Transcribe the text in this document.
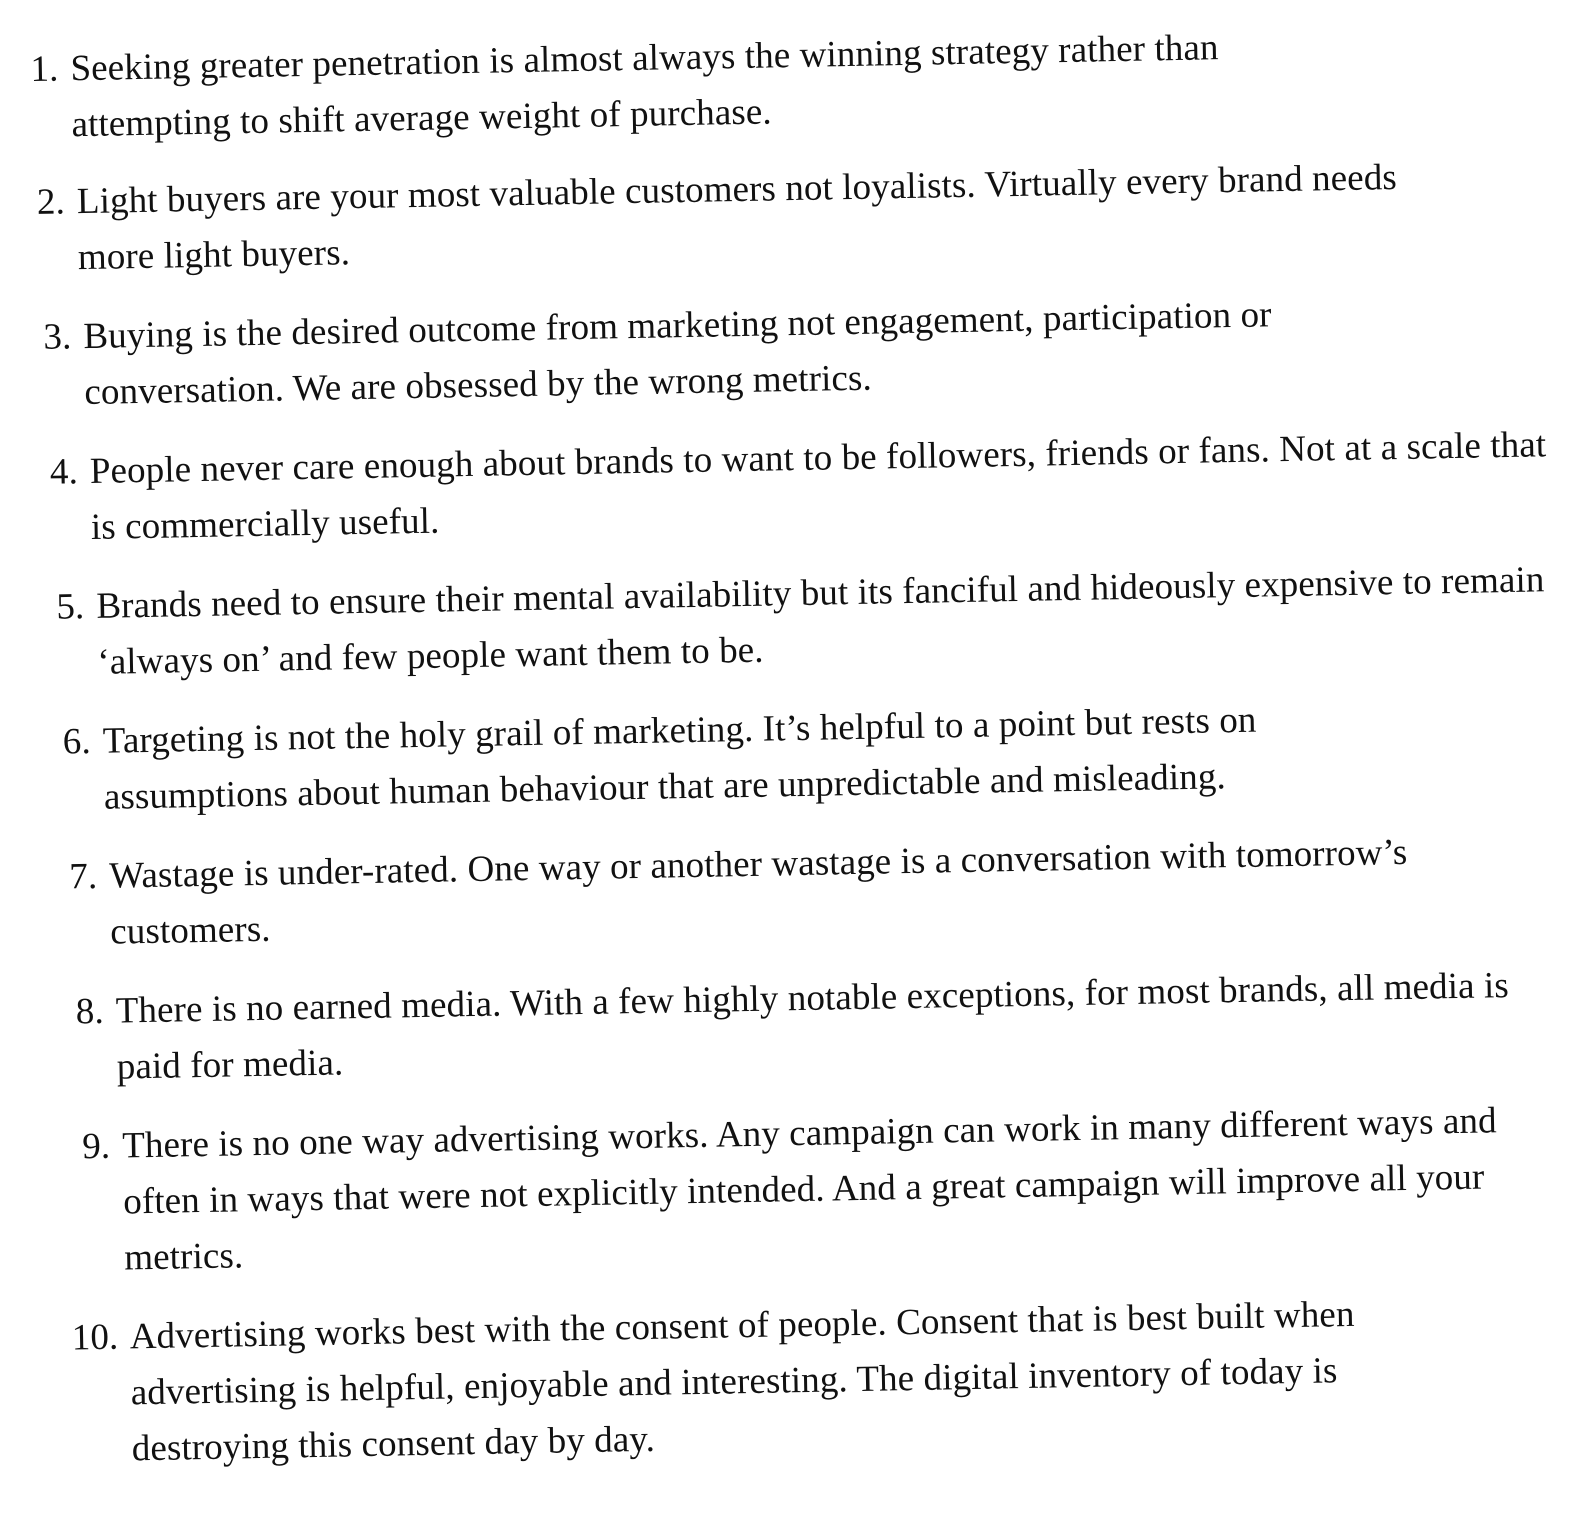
1. Seeking greater penetration is almost always the winning strategy rather than attempting to shift average weight of purchase.
2. Light buyers are your most valuable customers not loyalists. Virtually every brand needs more light buyers.
3. Buying is the desired outcome from marketing not engagement, participation or conversation. We are obsessed by the wrong metrics.
4. People never care enough about brands to want to be followers, friends or fans. Not at a scale that is commercially useful.
5. Brands need to ensure their mental availability but its fanciful and hideously expensive to remain ‘always on’ and few people want them to be.
6. Targeting is not the holy grail of marketing. It’s helpful to a point but rests on assumptions about human behaviour that are unpredictable and misleading.
7. Wastage is under-rated. One way or another wastage is a conversation with tomorrow’s customers.
8. There is no earned media. With a few highly notable exceptions, for most brands, all media is paid for media.
9. There is no one way advertising works. Any campaign can work in many different ways and often in ways that were not explicitly intended. And a great campaign will improve all your metrics.
10. Advertising works best with the consent of people. Consent that is best built when advertising is helpful, enjoyable and interesting. The digital inventory of today is destroying this consent day by day.
